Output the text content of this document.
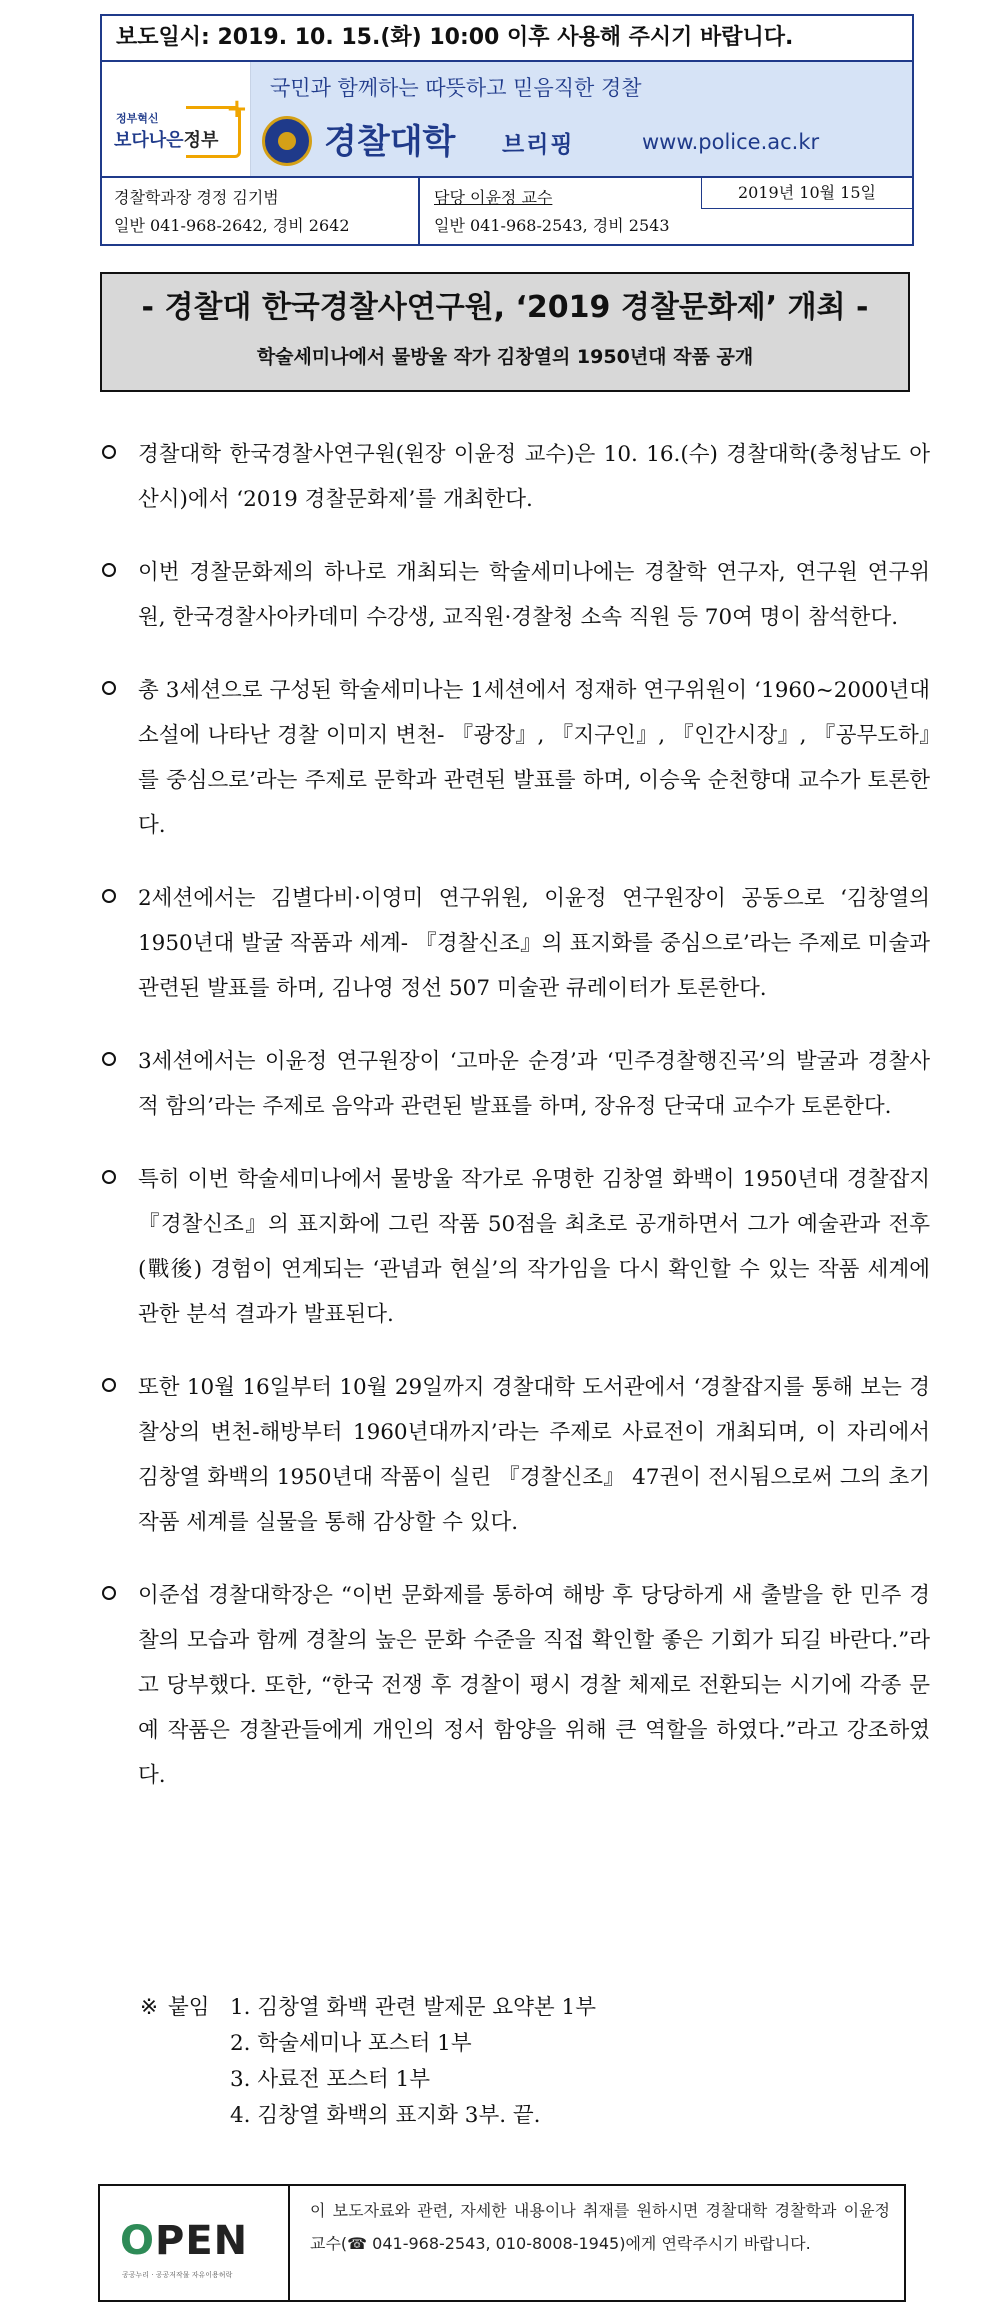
보도일시: 2019. 10. 15.(화) 10:00 이후 사용해 주시기 바랍니다.
정부혁신
보다나은정부
+
국민과 함께하는 따뜻하고 믿음직한 경찰
경찰대학 브리핑	www.police.ac.kr
경찰학과장 경정 김기범
일반 041-968-2642, 경비 2642
담당 이윤정 교수
일반 041-968-2543, 경비 2543
2019년 10월 15일
- 경찰대 한국경찰사연구원, ‘2019 경찰문화제’ 개최 -
학술세미나에서 물방울 작가 김창열의 1950년대 작품 공개
경찰대학 한국경찰사연구원(원장 이윤정 교수)은 10. 16.(수) 경찰대학(충청남도 아산시)에서 ‘2019 경찰문화제’를 개최한다.
이번 경찰문화제의 하나로 개최되는 학술세미나에는 경찰학 연구자, 연구원 연구위원, 한국경찰사아카데미 수강생, 교직원·경찰청 소속 직원 등 70여 명이 참석한다.
총 3세션으로 구성된 학술세미나는 1세션에서 정재하 연구위원이 ‘1960~2000년대 소설에 나타난 경찰 이미지 변천- 『광장』, 『지구인』, 『인간시장』, 『공무도하』를 중심으로’라는 주제로 문학과 관련된 발표를 하며, 이승욱 순천향대 교수가 토론한다.
2세션에서는 김별다비·이영미 연구위원, 이윤정 연구원장이 공동으로 ‘김창열의 1950년대 발굴 작품과 세계- 『경찰신조』의 표지화를 중심으로’라는 주제로 미술과 관련된 발표를 하며, 김나영 정선 507 미술관 큐레이터가 토론한다.
3세션에서는 이윤정 연구원장이 ‘고마운 순경’과 ‘민주경찰행진곡’의 발굴과 경찰사적 함의’라는 주제로 음악과 관련된 발표를 하며, 장유정 단국대 교수가 토론한다.
특히 이번 학술세미나에서 물방울 작가로 유명한 김창열 화백이 1950년대 경찰잡지 『경찰신조』의 표지화에 그린 작품 50점을 최초로 공개하면서 그가 예술관과 전후(戰後) 경험이 연계되는 ‘관념과 현실’의 작가임을 다시 확인할 수 있는 작품 세계에 관한 분석 결과가 발표된다.
또한 10월 16일부터 10월 29일까지 경찰대학 도서관에서 ‘경찰잡지를 통해 보는 경찰상의 변천-해방부터 1960년대까지’라는 주제로 사료전이 개최되며, 이 자리에서 김창열 화백의 1950년대 작품이 실린 『경찰신조』 47권이 전시됨으로써 그의 초기 작품 세계를 실물을 통해 감상할 수 있다.
이준섭 경찰대학장은 “이번 문화제를 통하여 해방 후 당당하게 새 출발을 한 민주 경찰의 모습과 함께 경찰의 높은 문화 수준을 직접 확인할 좋은 기회가 되길 바란다.”라고 당부했다. 또한, “한국 전쟁 후 경찰이 평시 경찰 체제로 전환되는 시기에 각종 문예 작품은 경찰관들에게 개인의 정서 함양을 위해 큰 역할을 하였다.”라고 강조하였다.
※ 붙임 1. 김창열 화백 관련 발제문 요약본 1부
2. 학술세미나 포스터 1부
3. 사료전 포스터 1부
4. 김창열 화백의 표지화 3부. 끝.
OPEN
공공누리 · 공공저작물 자유이용허락
이 보도자료와 관련, 자세한 내용이나 취재를 원하시면 경찰대학 경찰학과 이윤정 교수(☎ 041-968-2543, 010-8008-1945)에게 연락주시기 바랍니다.
